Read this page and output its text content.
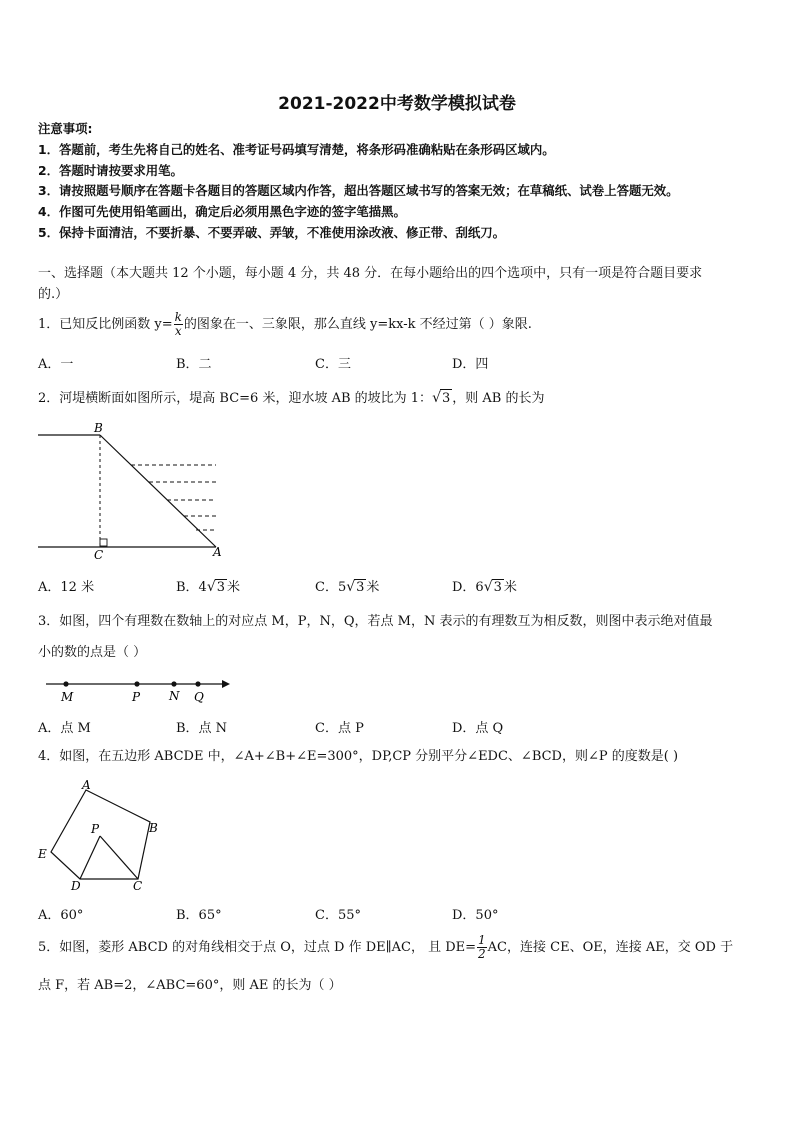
2021-2022中考数学模拟试卷
注意事项:
1．答题前，考生先将自己的姓名、准考证号码填写清楚，将条形码准确粘贴在条形码区域内。
2．答题时请按要求用笔。
3．请按照题号顺序在答题卡各题目的答题区域内作答，超出答题区域书写的答案无效；在草稿纸、试卷上答题无效。
4．作图可先使用铅笔画出，确定后必须用黑色字迹的签字笔描黑。
5．保持卡面清洁，不要折暴、不要弄破、弄皱，不准使用涂改液、修正带、刮纸刀。
一、选择题（本大题共 12 个小题，每小题 4 分，共 48 分．在每小题给出的四个选项中，只有一项是符合题目要求
的.）
1．已知反比例函数 $y= \frac{k}{x}$ 的图象在一、三象限，那么直线 y=kx-k 不经过第（ ）象限.
A．一	B．二	C．三	D．四
2．河堤横断面如图所示，堤高 BC=6 米，迎水坡 AB 的坡比为 1：√3 ，则 AB 的长为
B
C	A
A．12 米	B．4√3 米	C．5√3 米	D．6√3 米
3．如图，四个有理数在数轴上的对应点 M，P，N，Q，若点 M，N 表示的有理数互为相反数，则图中表示绝对值最
小的数的点是（ ）
M	P N Q
A．点 M	B．点 N	C．点 P	D．点 Q
4．如图，在五边形 ABCDE 中，∠A+∠B+∠E=300°，DP,CP 分别平分∠EDC、∠BCD，则∠P 的度数是( )
A
B
C
D
E
P
A．60°	B．65°	C．55°	D．50°
5．如图，菱形 ABCD 的对角线相交于点 O，过点 D 作 DE∥AC， 且 $DE= \frac{1}{2}$ AC，连接 CE、OE，连接 AE，交 OD 于
点 F，若 AB=2，∠ABC=60°，则 AE 的长为（ ）
